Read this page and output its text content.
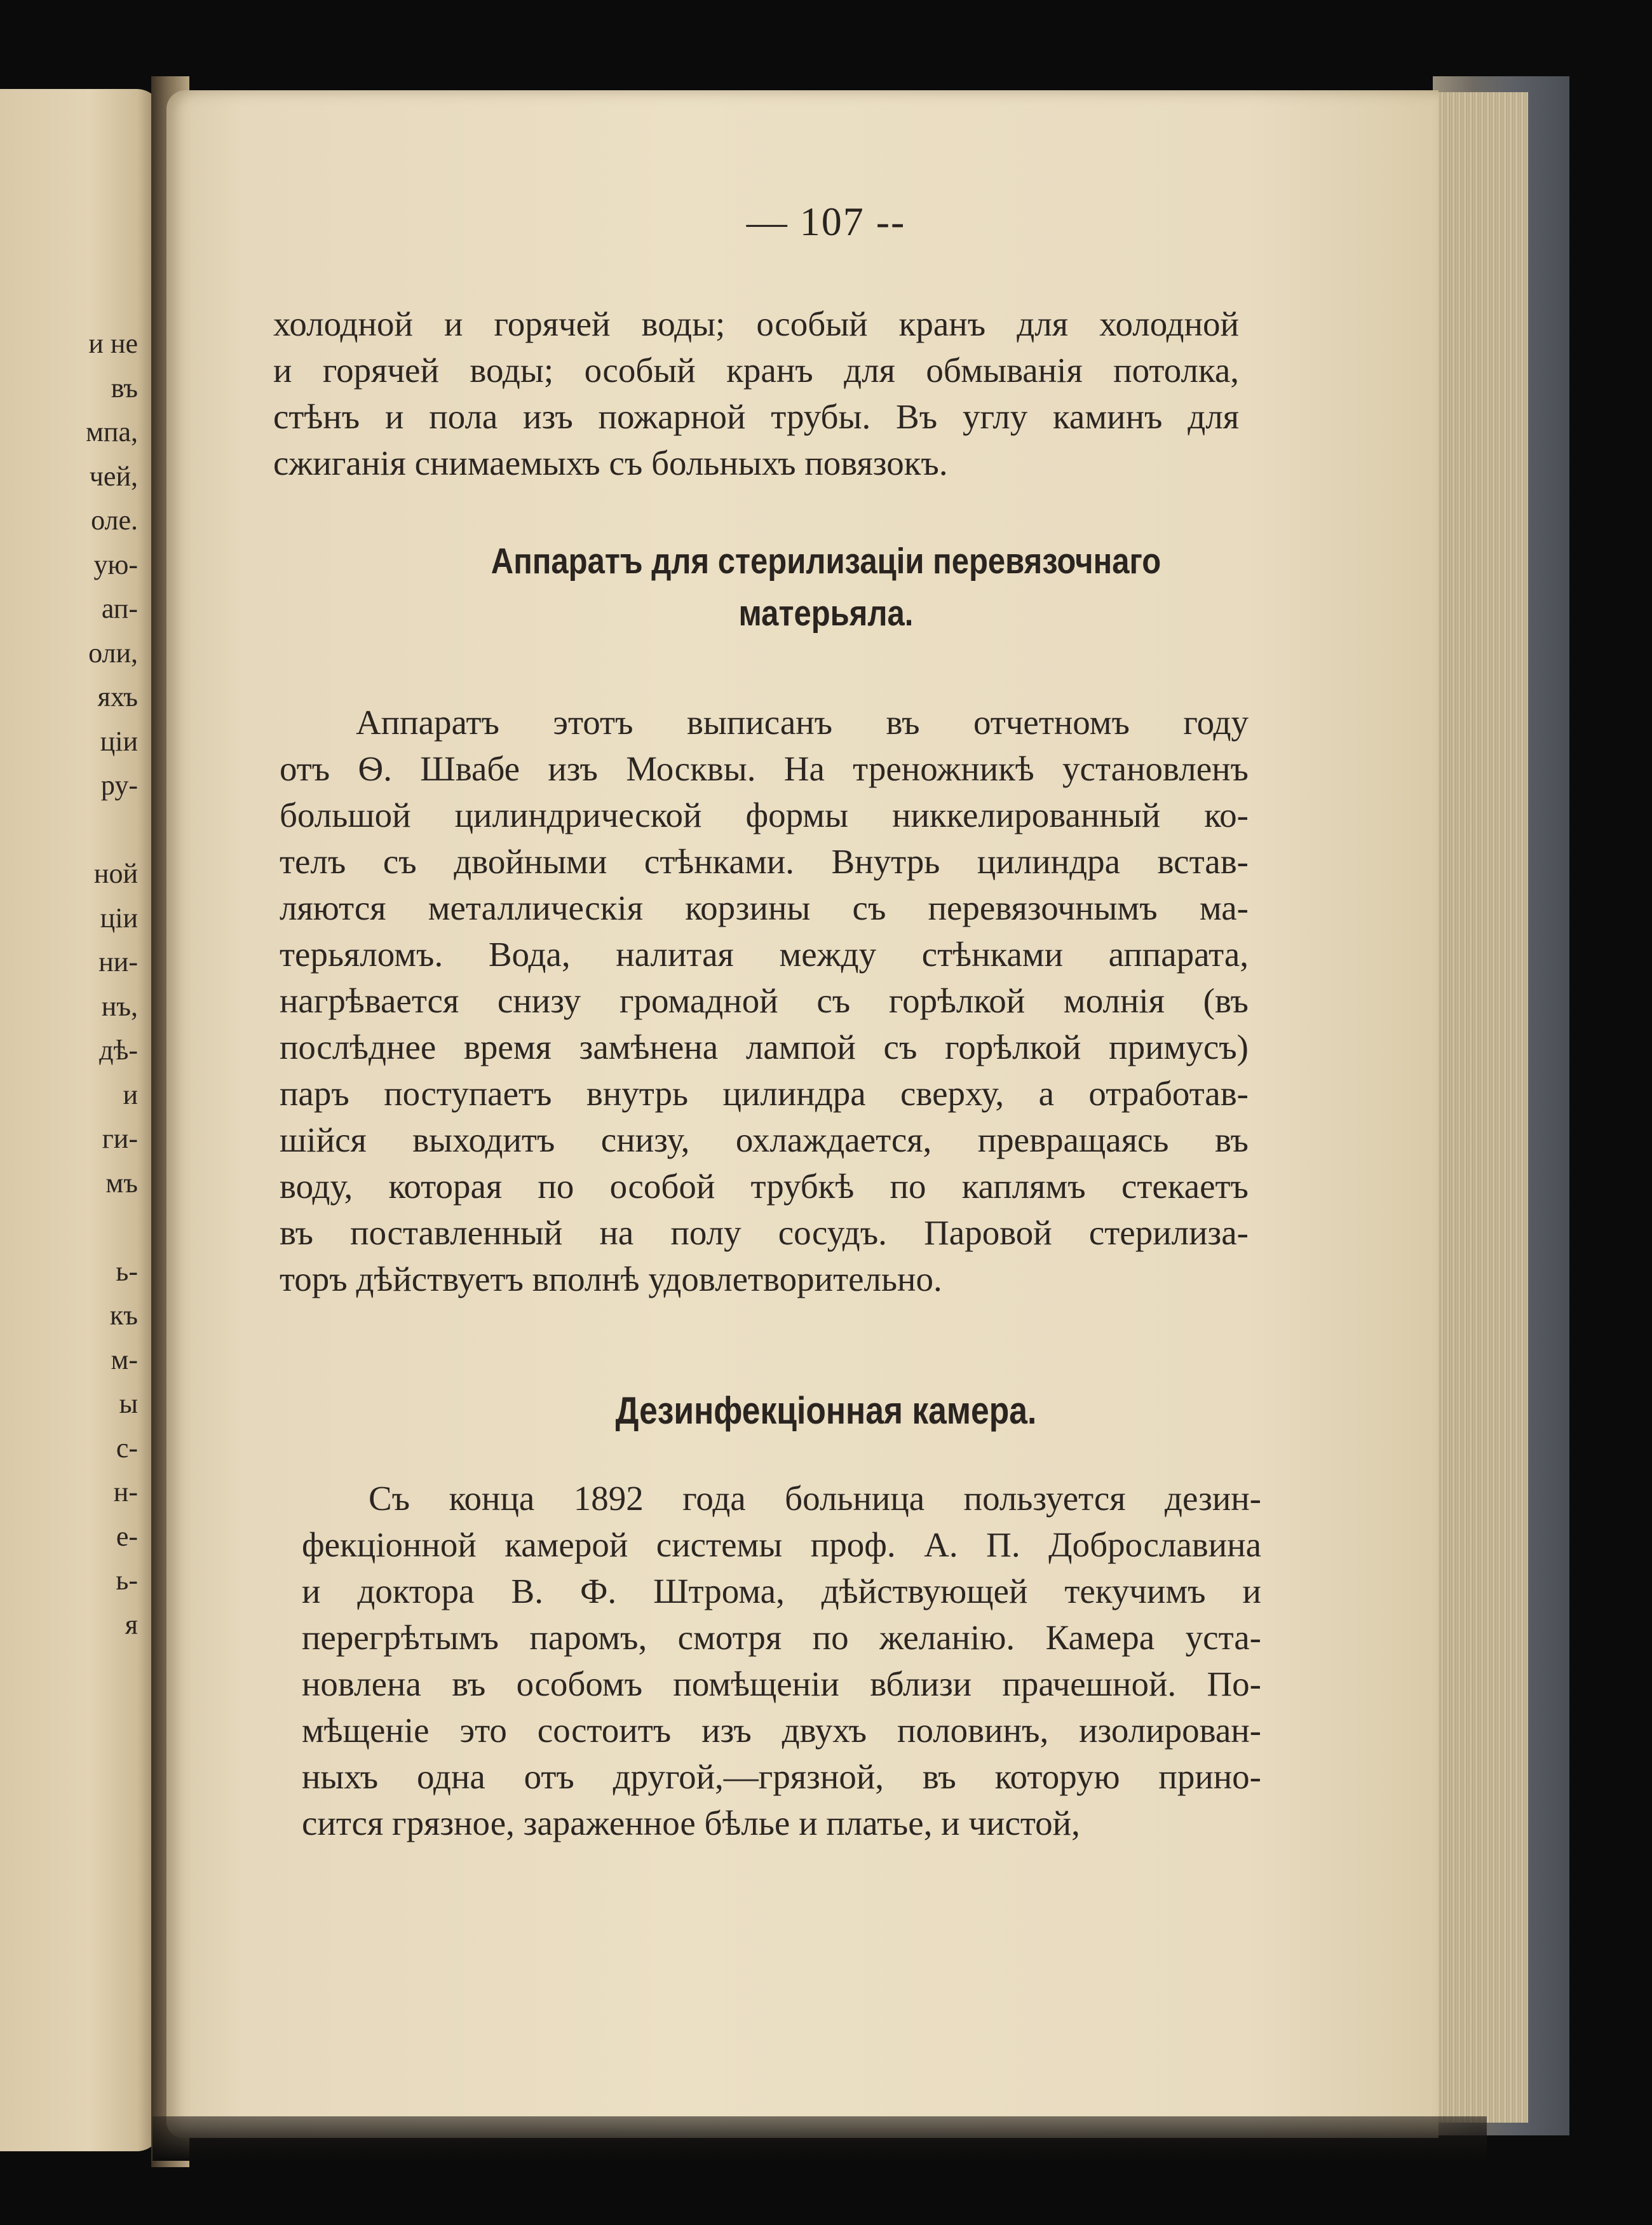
и не
въ
мпа,
чей,
оле.
ую-
ап-
оли,
яхъ
ціи
ру-
ной
ціи
ни-
нъ,
дѣ-
и
ги-
мъ
ь-
къ
м-
ы
с-
н-
е-
ь-
я
— 107 --
холодной и горячей воды; особый кранъ для холодной
и горячей воды; особый кранъ для обмыванія потолка,
стѣнъ и пола изъ пожарной трубы. Въ углу каминъ для
сжиганія снимаемыхъ съ больныхъ повязокъ.
Аппаратъ для стерилизаціи перевязочнаго
матерьяла.
Аппаратъ этотъ выписанъ въ отчетномъ году
отъ Ѳ. Швабе изъ Москвы. На треножникѣ установленъ
большой цилиндрической формы никкелированный ко-
телъ съ двойными стѣнками. Внутрь цилиндра встав-
ляются металлическія корзины съ перевязочнымъ ма-
терьяломъ. Вода, налитая между стѣнками аппарата,
нагрѣвается снизу громадной съ горѣлкой молнія (въ
послѣднее время замѣнена лампой съ горѣлкой примусъ)
паръ поступаетъ внутрь цилиндра сверху, а отработав-
шійся выходитъ снизу, охлаждается, превращаясь въ
воду, которая по особой трубкѣ по каплямъ стекаетъ
въ поставленный на полу сосудъ. Паровой стерилиза-
торъ дѣйствуетъ вполнѣ удовлетворительно.
Дезинфекціонная камера.
Съ конца 1892 года больница пользуется дезин-
фекціонной камерой системы проф. А. П. Доброславина
и доктора В. Ф. Штрома, дѣйствующей текучимъ и
перегрѣтымъ паромъ, смотря по желанію. Камера уста-
новлена въ особомъ помѣщеніи вблизи прачешной. По-
мѣщеніе это состоитъ изъ двухъ половинъ, изолирован-
ныхъ одна отъ другой,—грязной, въ которую прино-
сится грязное, зараженное бѣлье и платье, и чистой,
